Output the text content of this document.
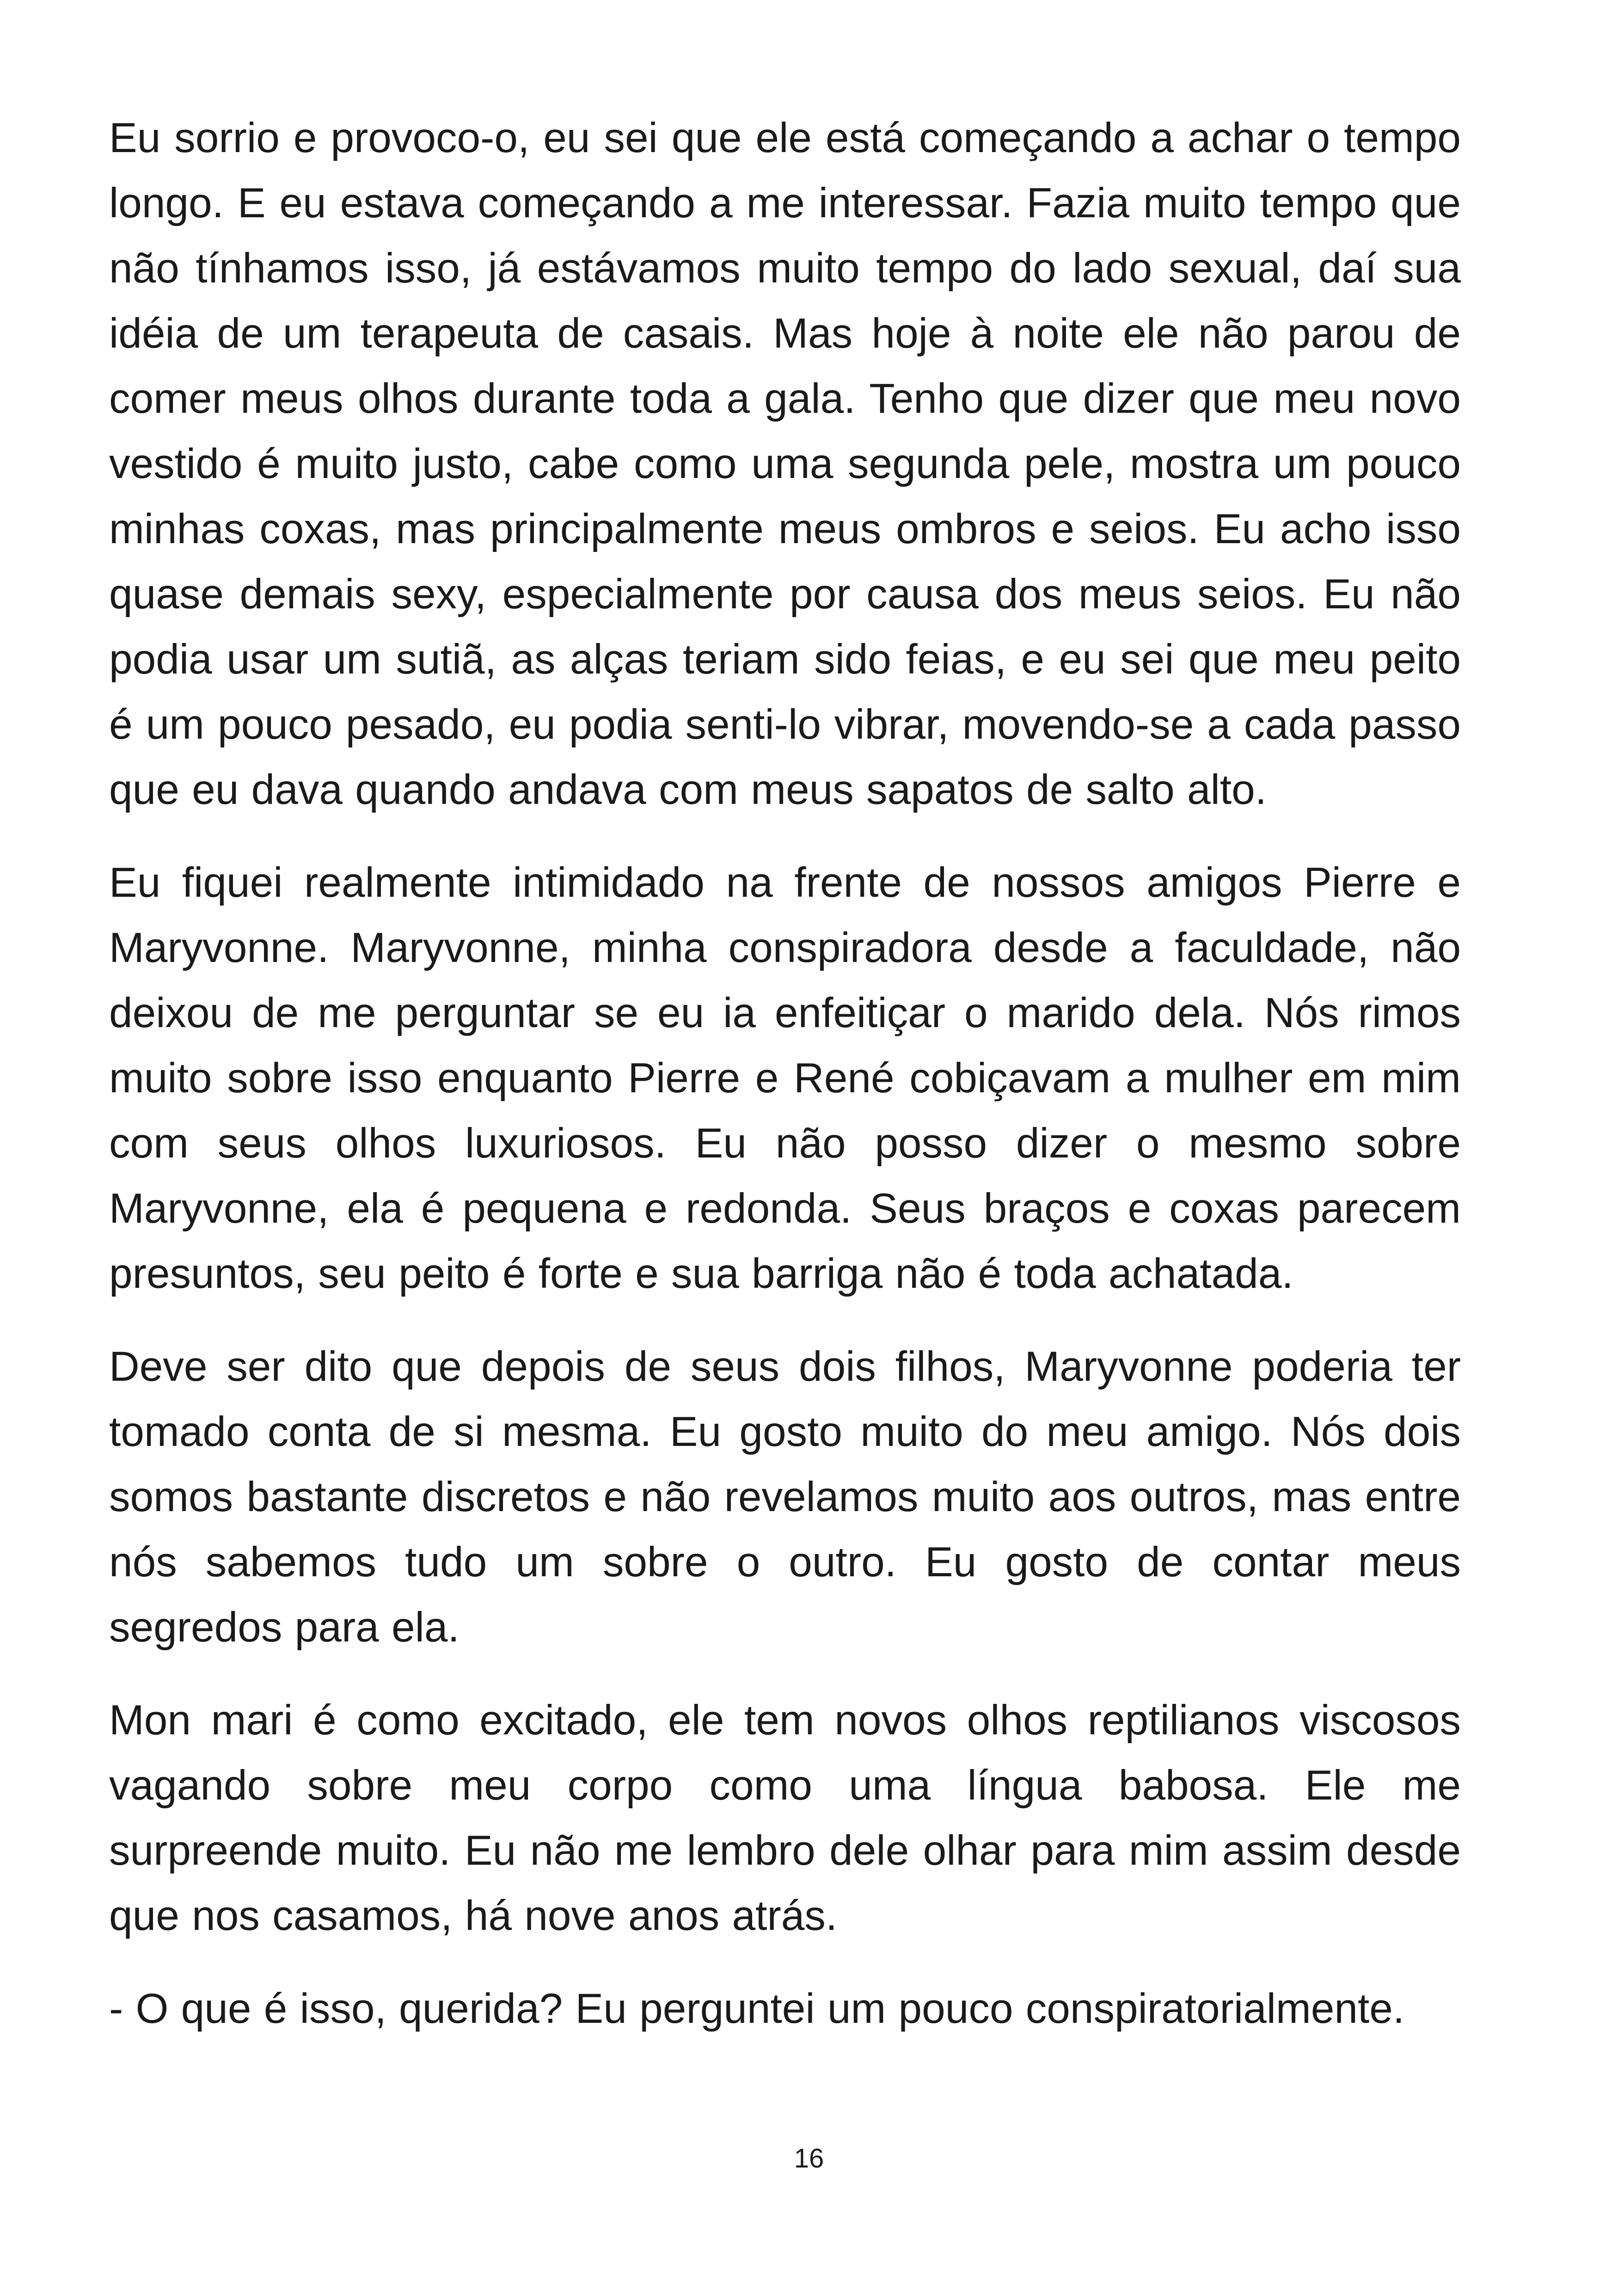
Eu sorrio e provoco-o, eu sei que ele está começando a achar o tempo longo. E eu estava começando a me interessar. Fazia muito tempo que não tínhamos isso, já estávamos muito tempo do lado sexual, daí sua idéia de um terapeuta de casais. Mas hoje à noite ele não parou de comer meus olhos durante toda a gala. Tenho que dizer que meu novo vestido é muito justo, cabe como uma segunda pele, mostra um pouco minhas coxas, mas principalmente meus ombros e seios. Eu acho isso quase demais sexy, especialmente por causa dos meus seios. Eu não podia usar um sutiã, as alças teriam sido feias, e eu sei que meu peito é um pouco pesado, eu podia senti-lo vibrar, movendo-se a cada passo que eu dava quando andava com meus sapatos de salto alto.

Eu fiquei realmente intimidado na frente de nossos amigos Pierre e Maryvonne. Maryvonne, minha conspiradora desde a faculdade, não deixou de me perguntar se eu ia enfeitiçar o marido dela. Nós rimos muito sobre isso enquanto Pierre e René cobiçavam a mulher em mim com seus olhos luxuriosos. Eu não posso dizer o mesmo sobre Maryvonne, ela é pequena e redonda. Seus braços e coxas parecem presuntos, seu peito é forte e sua barriga não é toda achatada.

Deve ser dito que depois de seus dois filhos, Maryvonne poderia ter tomado conta de si mesma. Eu gosto muito do meu amigo. Nós dois somos bastante discretos e não revelamos muito aos outros, mas entre nós sabemos tudo um sobre o outro. Eu gosto de contar meus segredos para ela.

Mon mari é como excitado, ele tem novos olhos reptilianos viscosos vagando sobre meu corpo como uma língua babosa. Ele me surpreende muito. Eu não me lembro dele olhar para mim assim desde que nos casamos, há nove anos atrás.

- O que é isso, querida? Eu perguntei um pouco conspiratorialmente.

16
